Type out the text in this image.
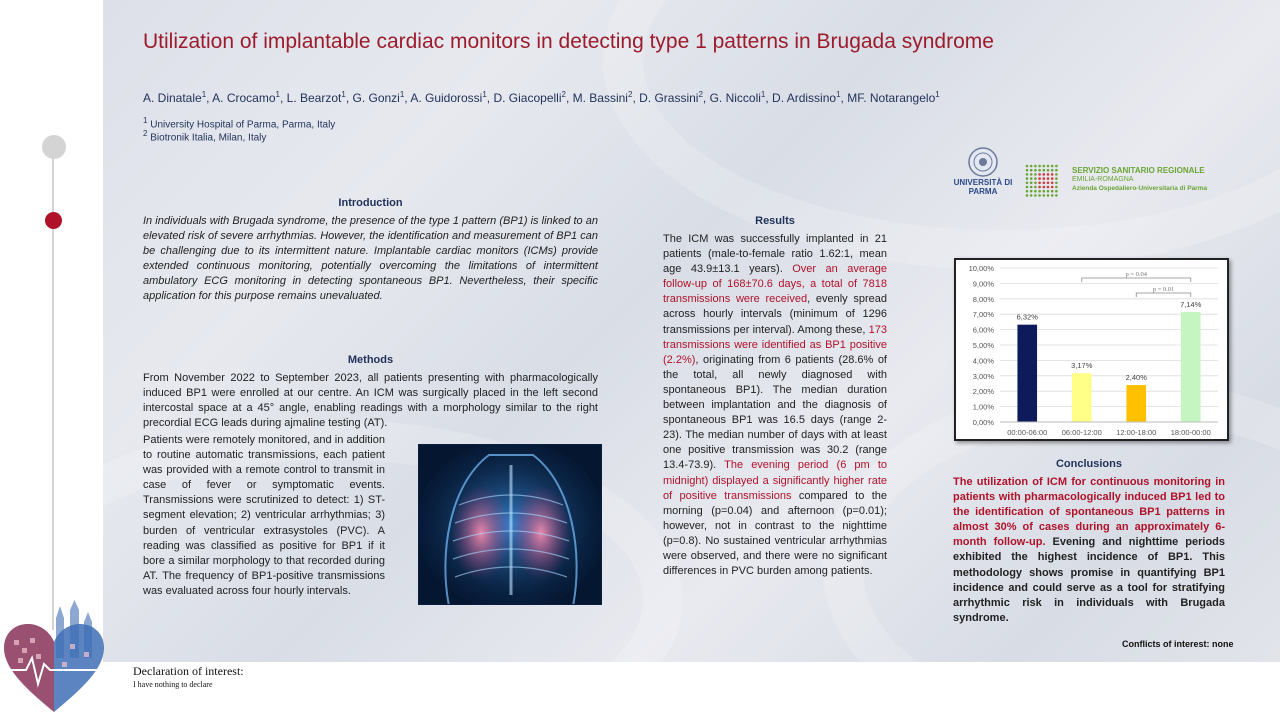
Utilization of implantable cardiac monitors in detecting type 1 patterns in Brugada syndrome
A. Dinatale$^1$, A. Crocamo$^1$, L. Bearzot$^1$, G. Gonzi$^1$, A. Guidorossi$^1$, D. Giacopelli$^2$, M. Bassini$^2$, D. Grassini$^2$, G. Niccoli$^1$, D. Ardissino$^1$, MF. Notarangelo$^1$
$^1$ University Hospital of Parma, Parma, Italy
$^2$ Biotronik Italia, Milan, Italy
UNIVERSITÀ DI PARMA
SERVIZIO SANITARIO REGIONALE
EMILIA-ROMAGNA
Azienda Ospedaliero-Universitaria di Parma
Introduction
In individuals with Brugada syndrome, the presence of the type 1 pattern (BP1) is linked to an elevated risk of severe arrhythmias. However, the identification and measurement of BP1 can be challenging due to its intermittent nature. Implantable cardiac monitors (ICMs) provide extended continuous monitoring, potentially overcoming the limitations of intermittent ambulatory ECG monitoring in detecting spontaneous BP1. Nevertheless, their specific application for this purpose remains unevaluated.
Methods
From November 2022 to September 2023, all patients presenting with pharmacologically induced BP1 were enrolled at our centre. An ICM was surgically placed in the left second intercostal space at a 45° angle, enabling readings with a morphology similar to the right precordial ECG leads during ajmaline testing (AT).
Patients were remotely monitored, and in addition to routine automatic transmissions, each patient was provided with a remote control to transmit in case of fever or symptomatic events. Transmissions were scrutinized to detect: 1) ST-segment elevation; 2) ventricular arrhythmias; 3) burden of ventricular extrasystoles (PVC). A reading was classified as positive for BP1 if it bore a similar morphology to that recorded during AT. The frequency of BP1-positive transmissions was evaluated across four hourly intervals.
Results
The ICM was successfully implanted in 21 patients (male-to-female ratio 1.62:1, mean age 43.9±13.1 years). Over an average follow-up of 168±70.6 days, a total of 7818 transmissions were received, evenly spread across hourly intervals (minimum of 1296 transmissions per interval). Among these, 173 transmissions were identified as BP1 positive (2.2%), originating from 6 patients (28.6% of the total, all newly diagnosed with spontaneous BP1). The median duration between implantation and the diagnosis of spontaneous BP1 was 16.5 days (range 2-23). The median number of days with at least one positive transmission was 30.2 (range 13.4-73.9). The evening period (6 pm to midnight) displayed a significantly higher rate of positive transmissions compared to the morning (p=0.04) and afternoon (p=0.01); however, not in contrast to the nighttime (p=0.8). No sustained ventricular arrhythmias were observed, and there were no significant differences in PVC burden among patients.
0,00%
1,00%
2,00%
3,00%
4,00%
5,00%
6,00%
7,00%
8,00%
9,00%
10,00%
6,32%
00:00-06:00
3,17%
06:00-12:00
2,40%
12:00-18:00
7,14%
18:00-00:00
p = 0.04
p = 0.01
Conclusions
The utilization of ICM for continuous monitoring in patients with pharmacologically induced BP1 led to the identification of spontaneous BP1 patterns in almost 30% of cases during an approximately 6-month follow-up. Evening and nighttime periods exhibited the highest incidence of BP1. This methodology shows promise in quantifying BP1 incidence and could serve as a tool for stratifying arrhythmic risk in individuals with Brugada syndrome.
Conflicts of interest: none
Declaration of interest:
I have nothing to declare
